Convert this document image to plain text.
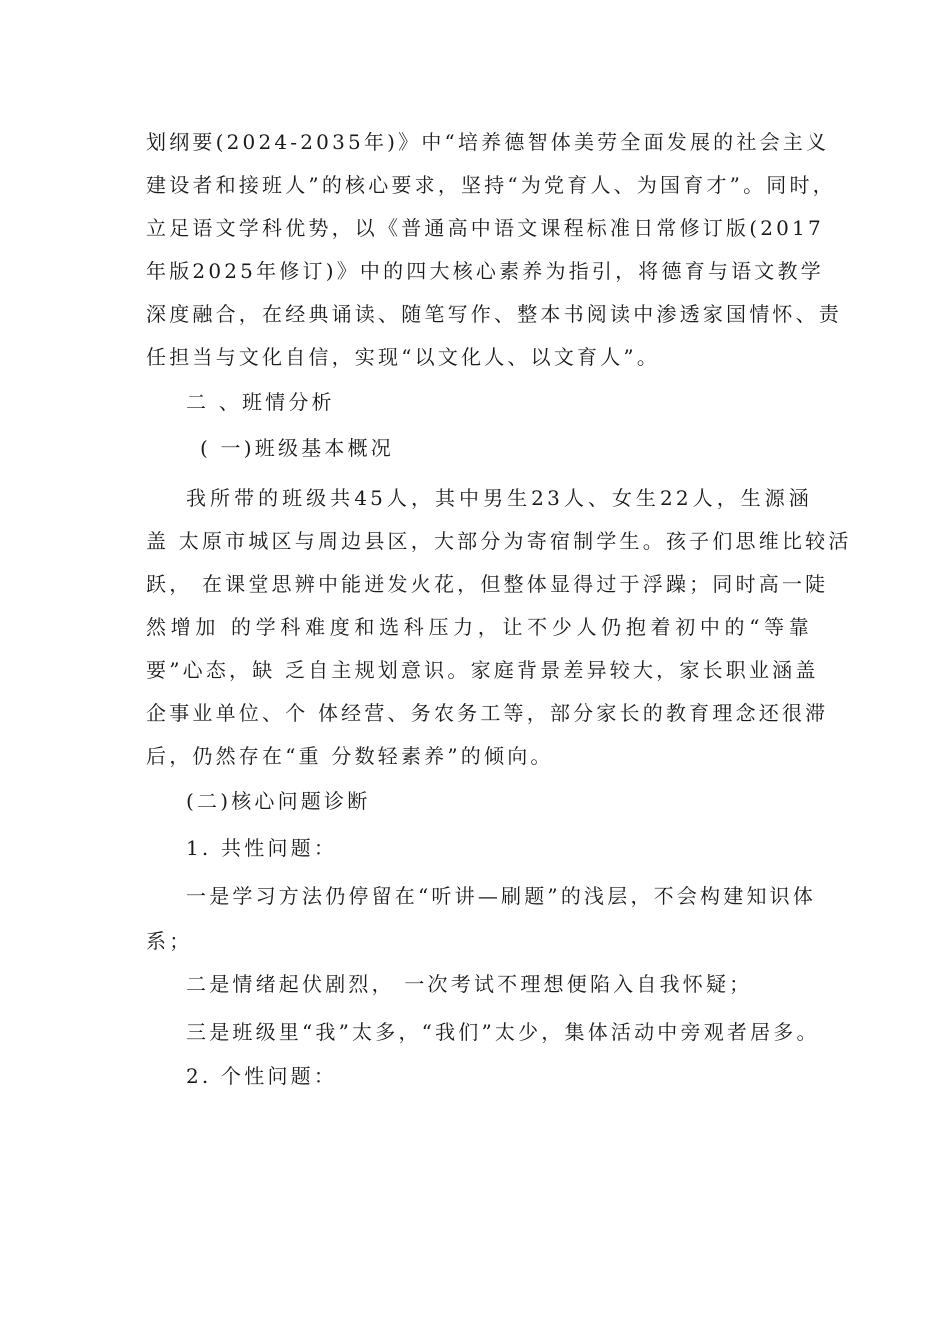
划纲要(2024-2035年)》中“培养德智体美劳全面发展的社会主义
建设者和接班人”的核心要求，坚持“为党育人、为国育才”。同时，
立足语文学科优势，以《普通高中语文课程标准日常修订版(2017
年版2025年修订)》中的四大核心素养为指引，将德育与语文教学
深度融合，在经典诵读、随笔写作、整本书阅读中渗透家国情怀、责
任担当与文化自信，实现“以文化人、以文育人”。
二 、班情分析
( 一)班级基本概况
我所带的班级共45人，其中男生23人、女生22人，生源涵
盖 太原市城区与周边县区，大部分为寄宿制学生。孩子们思维比较活
跃， 在课堂思辨中能迸发火花，但整体显得过于浮躁；同时高一陡
然增加 的学科难度和选科压力，让不少人仍抱着初中的“等靠
要”心态，缺 乏自主规划意识。家庭背景差异较大，家长职业涵盖
企事业单位、个 体经营、务农务工等，部分家长的教育理念还很滞
后，仍然存在“重 分数轻素养”的倾向。
(二)核心问题诊断
1. 共性问题：
一是学习方法仍停留在“听讲—刷题”的浅层，不会构建知识体
系；
二是情绪起伏剧烈， 一次考试不理想便陷入自我怀疑；
三是班级里“我”太多，“我们”太少，集体活动中旁观者居多。
2. 个性问题：
